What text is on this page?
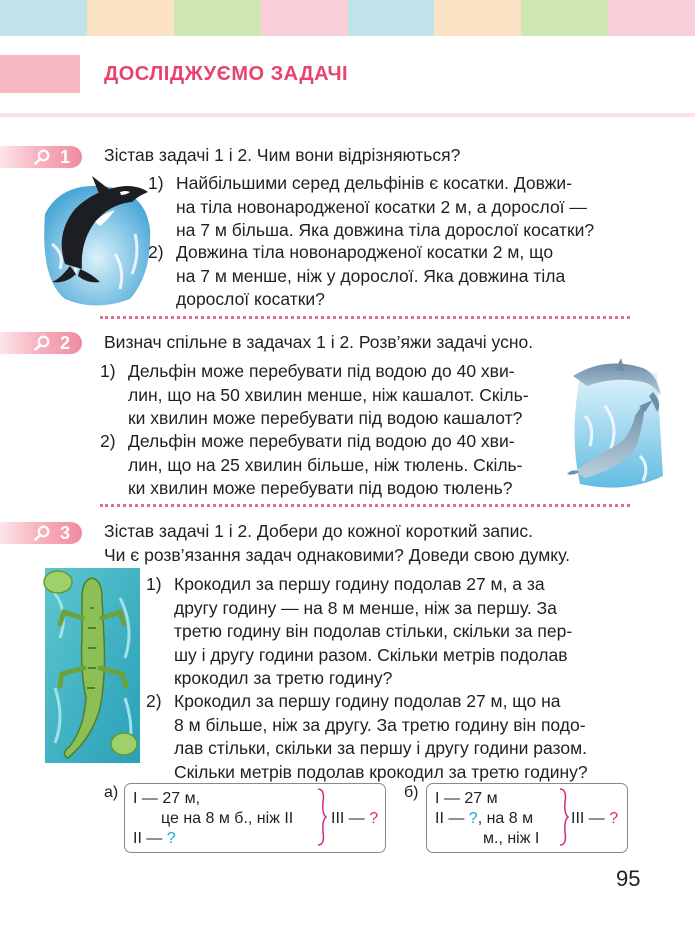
ДОСЛІДЖУЄМО ЗАДАЧІ
1 Зістав задачі 1 і 2. Чим вони відрізняються?
1) Найбільшими серед дельфінів є косатки. Довжи-
на тіла новонародженої косатки 2 м, а дорослої —
на 7 м більша. Яка довжина тіла дорослої косатки?
2) Довжина тіла новонародженої косатки 2 м, що
на 7 м менше, ніж у дорослої. Яка довжина тіла
дорослої косатки?
2 Визнач спільне в задачах 1 і 2. Розв’яжи задачі усно.
1) Дельфін може перебувати під водою до 40 хви-
лин, що на 50 хвилин менше, ніж кашалот. Скіль-
ки хвилин може перебувати під водою кашалот?
2) Дельфін може перебувати під водою до 40 хви-
лин, що на 25 хвилин більше, ніж тюлень. Скіль-
ки хвилин може перебувати під водою тюлень?
3 Зістав задачі 1 і 2. Добери до кожної короткий запис.
Чи є розв’язання задач однаковими? Доведи свою думку.
1) Крокодил за першу годину подолав 27 м, а за
другу годину — на 8 м менше, ніж за першу. За
третю годину він подолав стільки, скільки за пер-
шу і другу години разом. Скільки метрів подолав
крокодил за третю годину?
2) Крокодил за першу годину подолав 27 м, що на
8 м більше, ніж за другу. За третю годину він подо-
лав стільки, скільки за першу і другу години разом.
Скільки метрів подолав крокодил за третю годину?
а) I — 27 м,
це на 8 м б., ніж II
II — ?
III — ?
б) I — 27 м
II — ?, на 8 м
м., ніж I
III — ?
95
